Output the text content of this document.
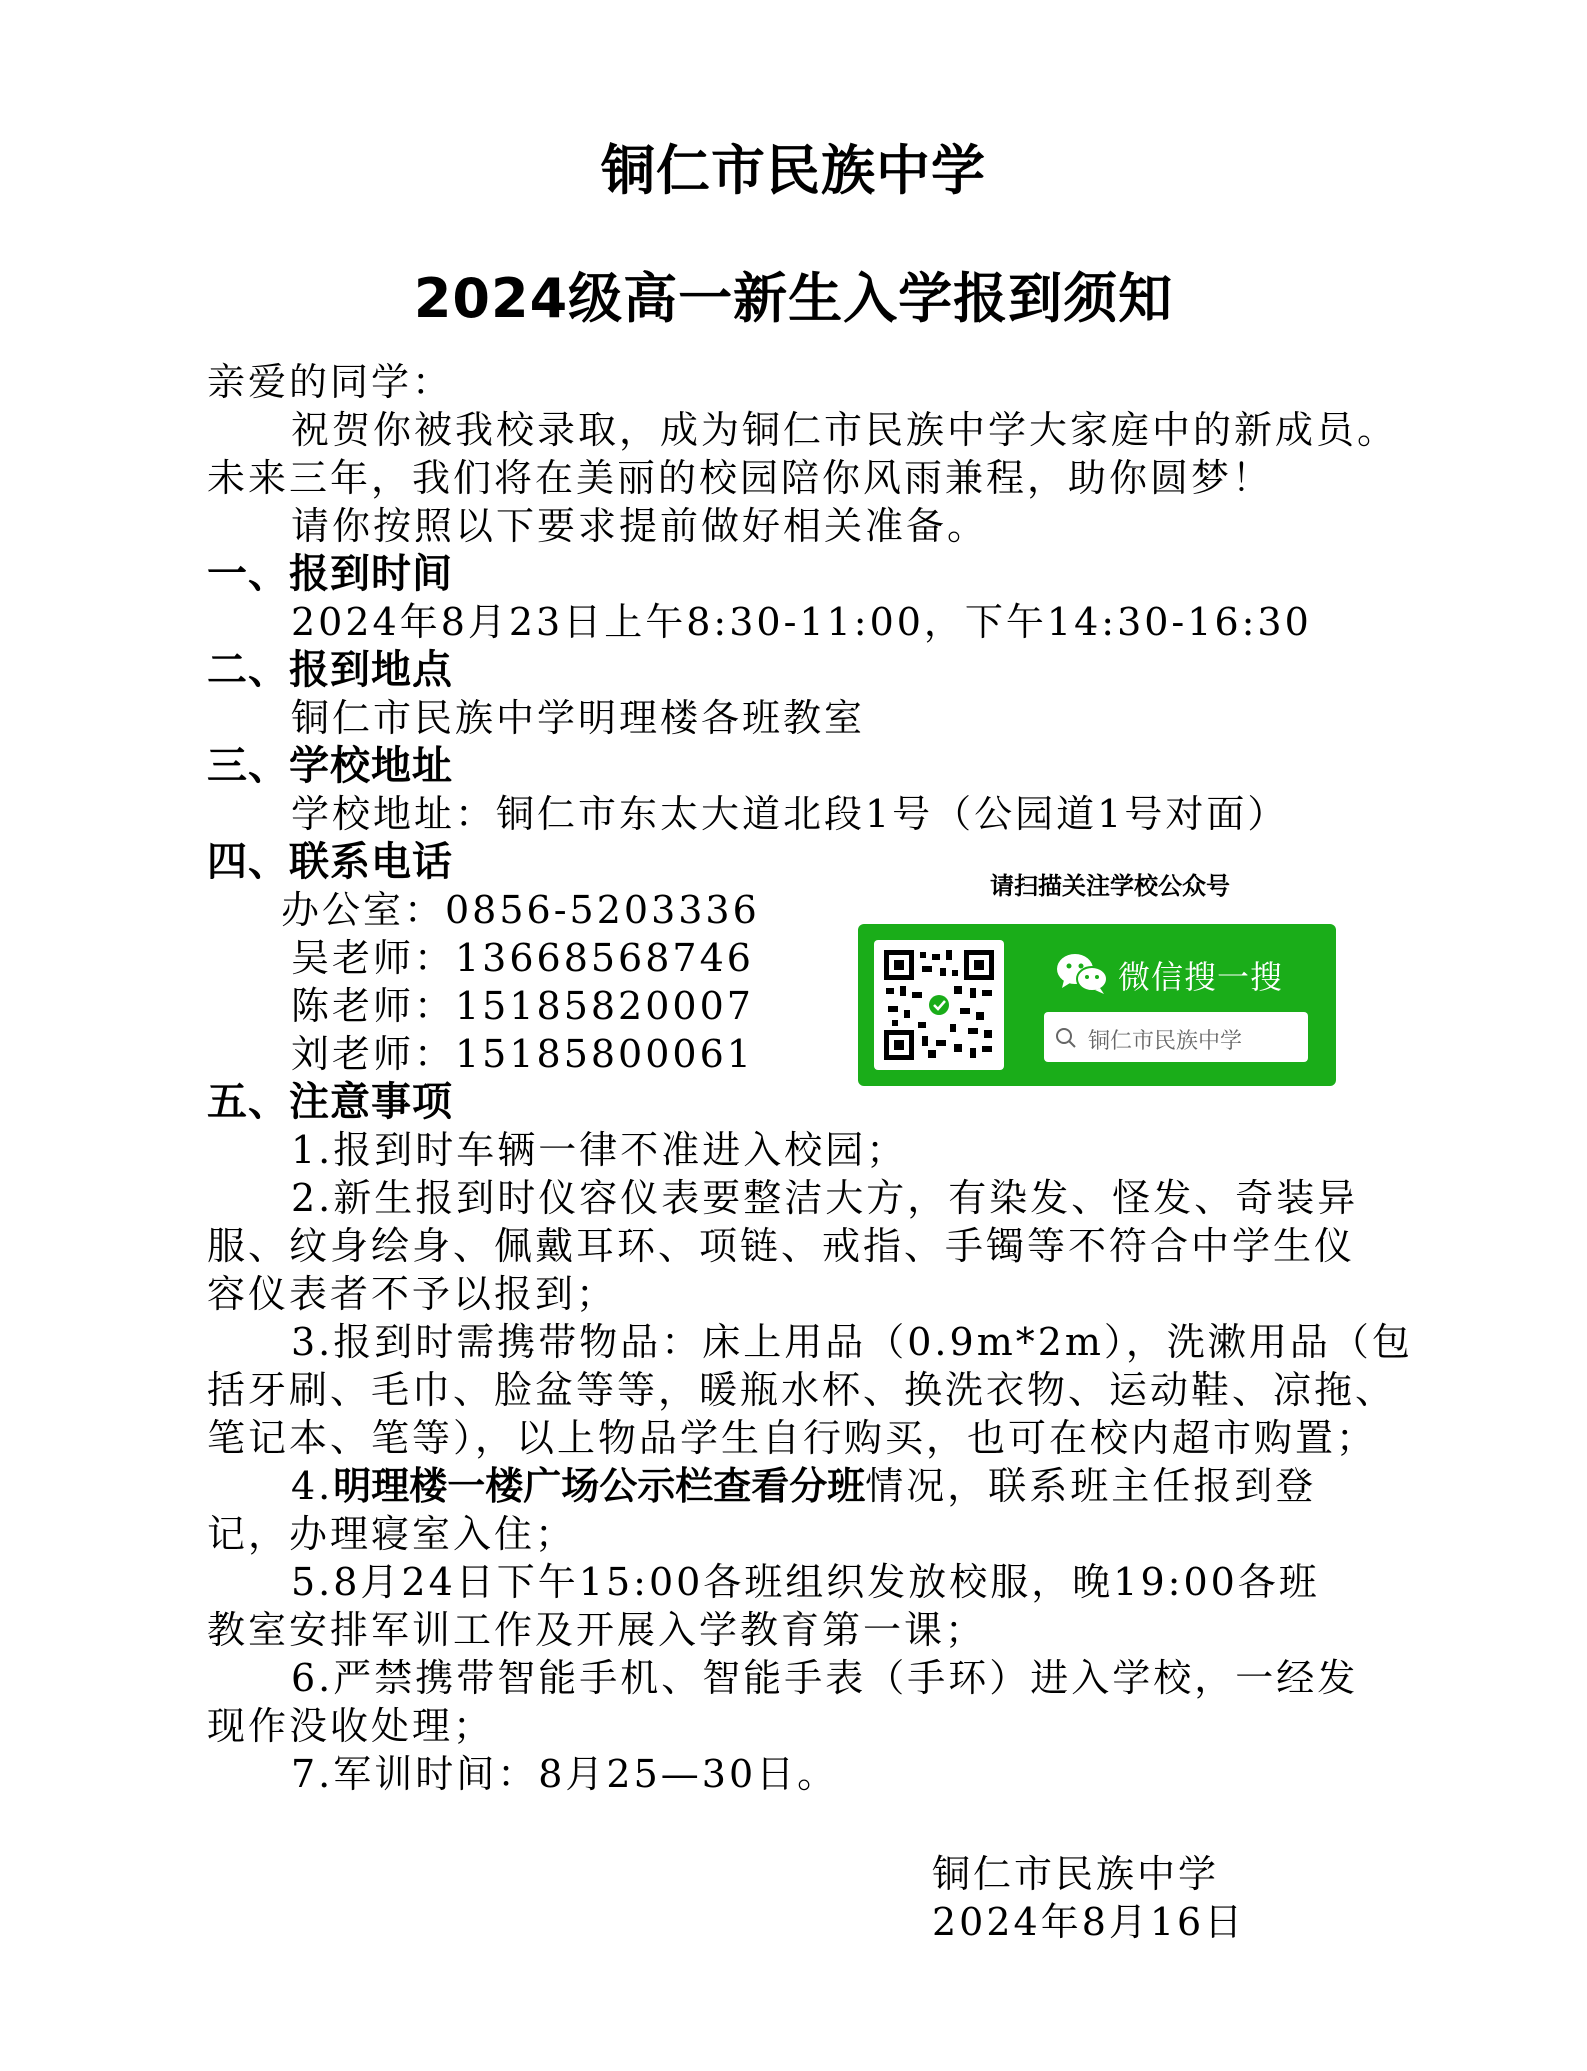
铜仁市民族中学
2024级高一新生入学报到须知
亲爱的同学：
祝贺你被我校录取，成为铜仁市民族中学大家庭中的新成员。
未来三年，我们将在美丽的校园陪你风雨兼程，助你圆梦！
请你按照以下要求提前做好相关准备。
一、报到时间
2024年8月23日上午8:30-11:00，下午14:30-16:30
二、报到地点
铜仁市民族中学明理楼各班教室
三、学校地址
学校地址：铜仁市东太大道北段1号（公园道1号对面）
四、联系电话
办公室：0856-5203336
吴老师：13668568746
陈老师：15185820007
刘老师：15185800061
五、注意事项
1.报到时车辆一律不准进入校园；
2.新生报到时仪容仪表要整洁大方，有染发、怪发、奇装异
服、纹身绘身、佩戴耳环、项链、戒指、手镯等不符合中学生仪
容仪表者不予以报到；
3.报到时需携带物品：床上用品（0.9m*2m），洗漱用品（包
括牙刷、毛巾、脸盆等等，暖瓶水杯、换洗衣物、运动鞋、凉拖、
笔记本、笔等），以上物品学生自行购买，也可在校内超市购置；
4.明理楼一楼广场公示栏查看分班情况，联系班主任报到登
记，办理寝室入住；
5.8月24日下午15:00各班组织发放校服，晚19:00各班
教室安排军训工作及开展入学教育第一课；
6.严禁携带智能手机、智能手表（手环）进入学校，一经发
现作没收处理；
7.军训时间：8月25—30日。
请扫描关注学校公众号
微信搜一搜
铜仁市民族中学
铜仁市民族中学
2024年8月16日
